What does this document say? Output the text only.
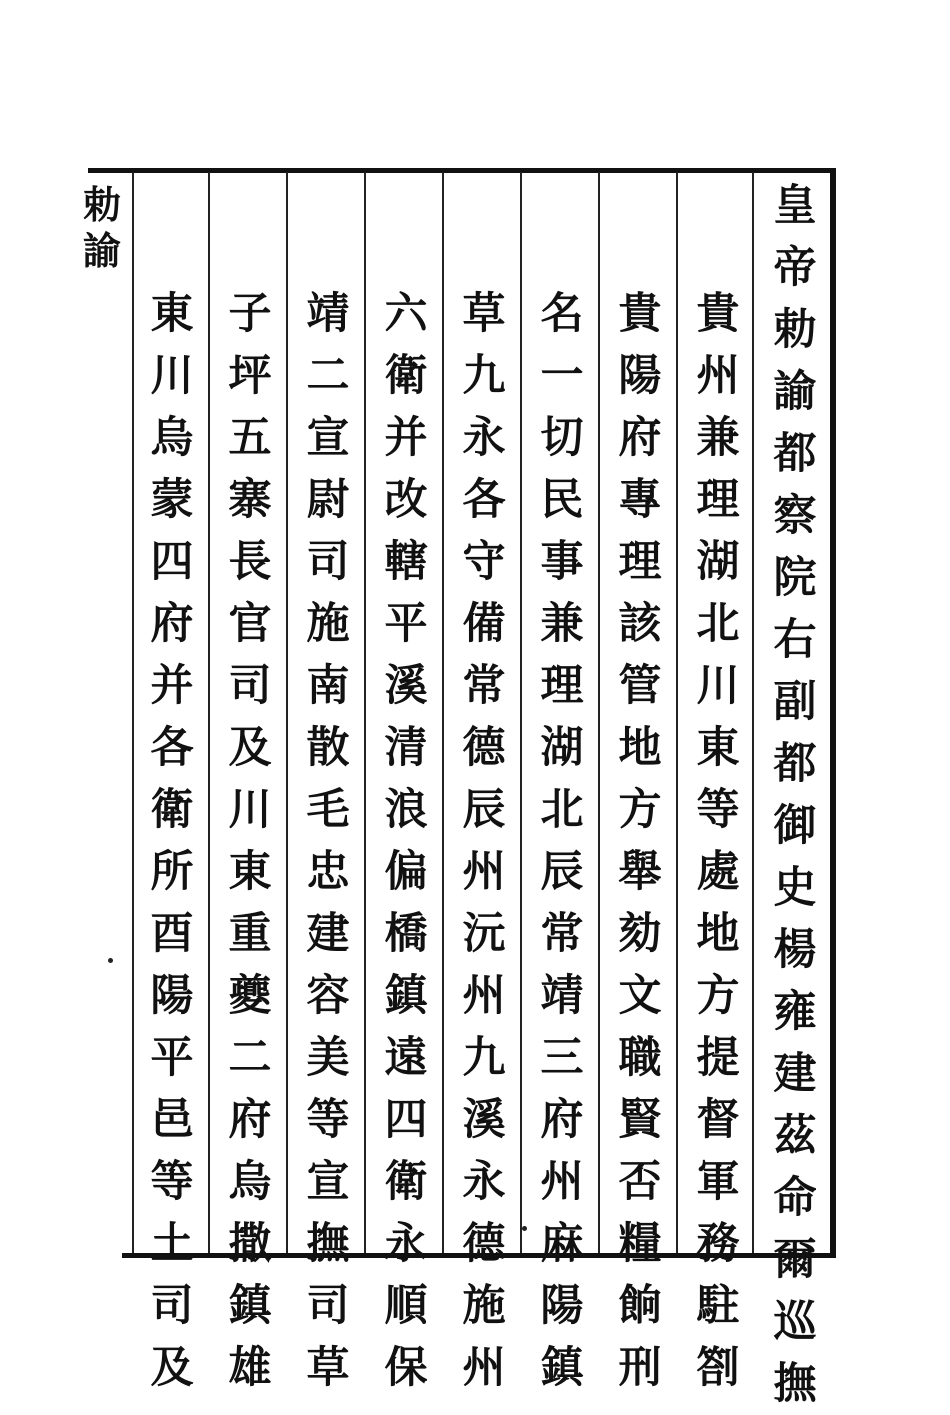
勅
諭
皇
帝
勅
諭
都
察
院
右
副
都
御
史
楊
雍
建
茲
命
爾
巡
撫
貴
州
兼
理
湖
北
川
東
等
處
地
方
提
督
軍
務
駐
劄
貴
陽
府
專
理
該
管
地
方
舉
劾
文
職
賢
否
糧
餉
刑
名
一
切
民
事
兼
理
湖
北
辰
常
靖
三
府
州
麻
陽
鎮
草
九
永
各
守
備
常
德
辰
州
沅
州
九
溪
永
德
施
州
六
衛
并
改
轄
平
溪
清
浪
偏
橋
鎮
遠
四
衛
永
順
保
靖
二
宣
尉
司
施
南
散
毛
忠
建
容
美
等
宣
撫
司
草
子
坪
五
寨
長
官
司
及
川
東
重
夔
二
府
烏
撒
鎮
雄
東
川
烏
蒙
四
府
并
各
衛
所
酉
陽
平
邑
等
土
司
及
